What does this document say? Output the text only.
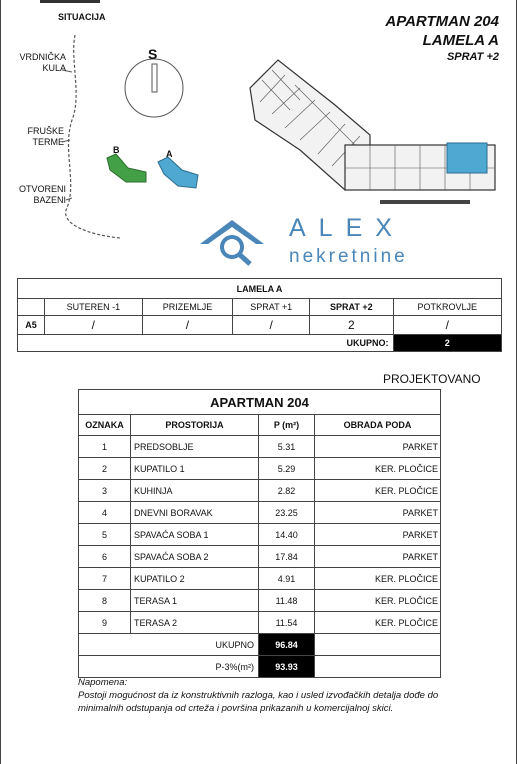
SITUACIJA
S
VRDNIČKA
KULA
FRUŠKE
TERME
OTVORENI
BAZENI
B	A
APARTMAN 204
LAMELA A
SPRAT +2
ALEX
nekretnine
LAMELA A					
	SUTEREN -1	PRIZEMLJE	SPRAT +1	SPRAT +2	POTKROVLJE
A5	/	/	/	2	/
				UKUPNO:	2
PROJEKTOVANO
APARTMAN 204			
OZNAKA	PROSTORIJA	P (m²)	OBRADA PODA
1	PREDSOBLJE	5.31	PARKET
2	KUPATILO 1	5.29	KER. PLOČICE
3	KUHINJA	2.82	KER. PLOČICE
4	DNEVNI BORAVAK	23.25	PARKET
5	SPAVAĆA SOBA 1	14.40	PARKET
6	SPAVAĆA SOBA 2	17.84	PARKET
7	KUPATILO 2	4.91	KER. PLOČICE
8	TERASA 1	11.48	KER. PLOČICE
9	TERASA 2	11.54	KER. PLOČICE
UKUPNO		96.84	
P-3%(m²)		93.93	
Napomena:
Postoji mogućnost da iz konstruktivnih razloga, kao i usled izvođačkih detalja dođe do minimalnih odstupanja od crteža i površina prikazanih u komercijalnoj skici.
